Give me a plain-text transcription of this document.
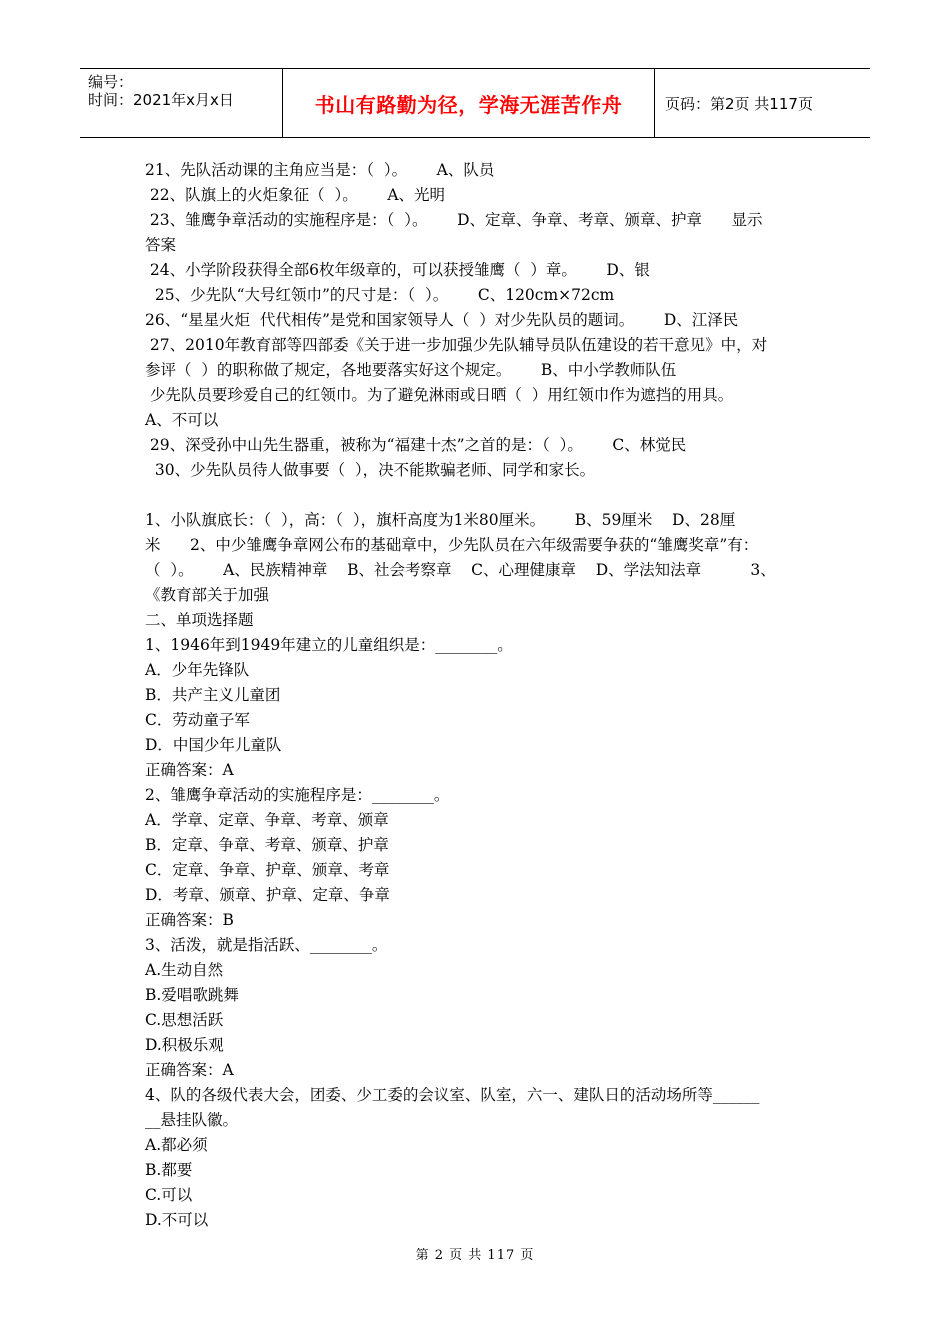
编号：
时间：2021年x月x日	书山有路勤为径，学海无涯苦作舟	页码：第2页 共117页

21、先队活动课的主角应当是：（  ）。      A、队员

22、队旗上的火炬象征（  ）。      A、光明

23、雏鹰争章活动的实施程序是：（  ）。      D、定章、争章、考章、颁章、护章      显示

答案

24、小学阶段获得全部6枚年级章的，可以获授雏鹰（  ）章。      D、银

25、少先队“大号红领巾”的尺寸是：（  ）。      C、120cm×72cm

26、“星星火炬  代代相传”是党和国家领导人（  ）对少先队员的题词。      D、江泽民

27、2010年教育部等四部委《关于进一步加强少先队辅导员队伍建设的若干意见》中，对

参评（  ）的职称做了规定，各地要落实好这个规定。      B、中小学教师队伍

少先队员要珍爱自己的红领巾。为了避免淋雨或日晒（  ）用红领巾作为遮挡的用具。

A、不可以

29、深受孙中山先生器重，被称为“福建十杰”之首的是：（  ）。      C、林觉民

30、少先队员待人做事要（  ），决不能欺骗老师、同学和家长。

1、小队旗底长：（  ），高：（  ），旗杆高度为1米80厘米。      B、59厘米    D、28厘

米      2、中少雏鹰争章网公布的基础章中，少先队员在六年级需要争获的“雏鹰奖章”有：

（  ）。      A、民族精神章    B、社会考察章    C、心理健康章    D、学法知法章          3、

《教育部关于加强

二、单项选择题

1、1946年到1949年建立的儿童组织是：________。

A．少年先锋队

B．共产主义儿童团

C．劳动童子军

D．中国少年儿童队

正确答案：A

2、雏鹰争章活动的实施程序是：________。

A．学章、定章、争章、考章、颁章

B．定章、争章、考章、颁章、护章

C．定章、争章、护章、颁章、考章

D．考章、颁章、护章、定章、争章

正确答案：B

3、活泼，就是指活跃、________。

A.生动自然

B.爱唱歌跳舞

C.思想活跃

D.积极乐观

正确答案：A

4、队的各级代表大会，团委、少工委的会议室、队室，六一、建队日的活动场所等______

__悬挂队徽。

A.都必须

B.都要

C.可以

D.不可以

第 2 页 共 117 页
